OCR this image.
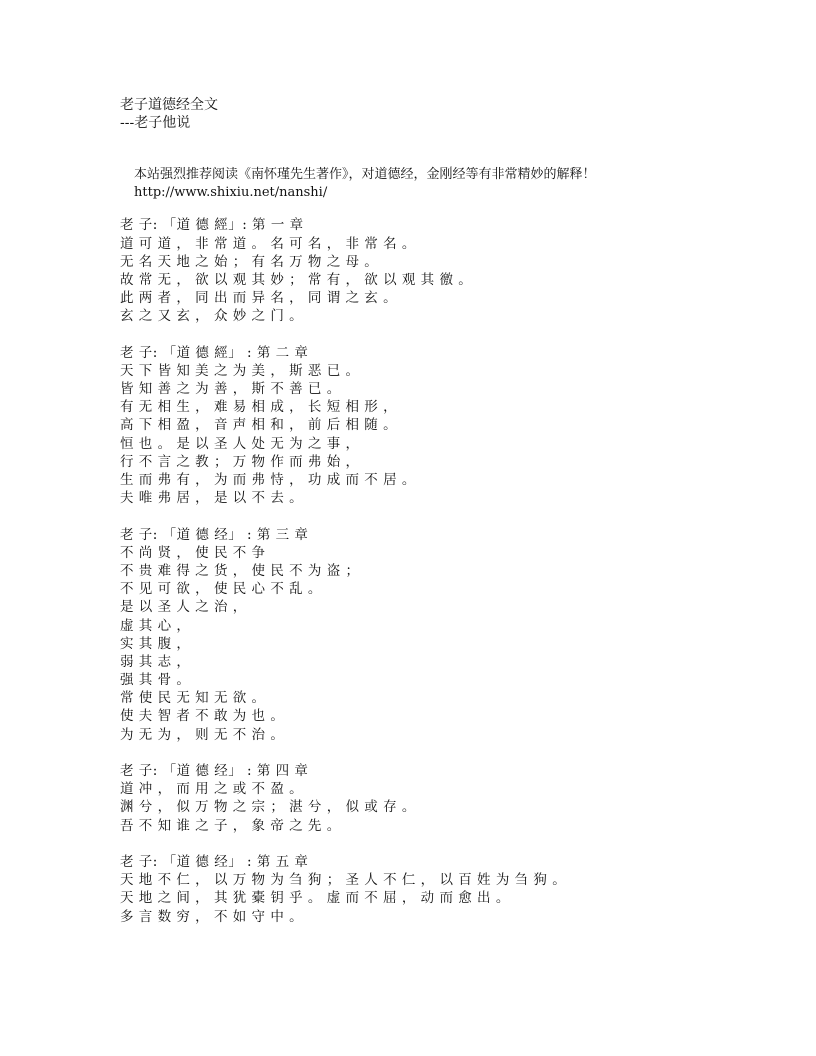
老子道德经全文
---老子他说
本站强烈推荐阅读《南怀瑾先生著作》，对道德经，金刚经等有非常精妙的解释！
http://www.shixiu.net/nanshi/
老 子: 「道 德 經」: 第 一 章
道 可 道 ， 非 常 道 。 名 可 名 ， 非 常 名 。
无 名 天 地 之 始 ； 有 名 万 物 之 母 。
故 常 无 ， 欲 以 观 其 妙 ； 常 有 ， 欲 以 观 其 徼 。
此 两 者 ， 同 出 而 异 名 ， 同 谓 之 玄 。
玄 之 又 玄 ， 众 妙 之 门 。
老 子: 「道 德 經」 : 第 二 章
天 下 皆 知 美 之 为 美 ， 斯 恶 已 。
皆 知 善 之 为 善 ， 斯 不 善 已 。
有 无 相 生 ， 难 易 相 成 ， 长 短 相 形 ，
高 下 相 盈 ， 音 声 相 和 ， 前 后 相 随 。
恒 也 。 是 以 圣 人 处 无 为 之 事 ，
行 不 言 之 教 ； 万 物 作 而 弗 始 ，
生 而 弗 有 ， 为 而 弗 恃 ， 功 成 而 不 居 。
夫 唯 弗 居 ， 是 以 不 去 。
老 子: 「道 德 经」 : 第 三 章
不 尚 贤 ， 使 民 不 争
不 贵 难 得 之 货 ， 使 民 不 为 盗 ；
不 见 可 欲 ， 使 民 心 不 乱 。
是 以 圣 人 之 治 ，
虚 其 心 ，
实 其 腹 ，
弱 其 志 ，
强 其 骨 。
常 使 民 无 知 无 欲 。
使 夫 智 者 不 敢 为 也 。
为 无 为 ， 则 无 不 治 。
老 子: 「道 德 经」 : 第 四 章
道 冲 ， 而 用 之 或 不 盈 。
渊 兮 ， 似 万 物 之 宗 ； 湛 兮 ， 似 或 存 。
吾 不 知 谁 之 子 ， 象 帝 之 先 。
老 子: 「道 德 经」 : 第 五 章
天 地 不 仁 ， 以 万 物 为 刍 狗 ； 圣 人 不 仁 ， 以 百 姓 为 刍 狗 。
天 地 之 间 ， 其 犹 橐 钥 乎 。 虚 而 不 屈 ， 动 而 愈 出 。
多 言 数 穷 ， 不 如 守 中 。
